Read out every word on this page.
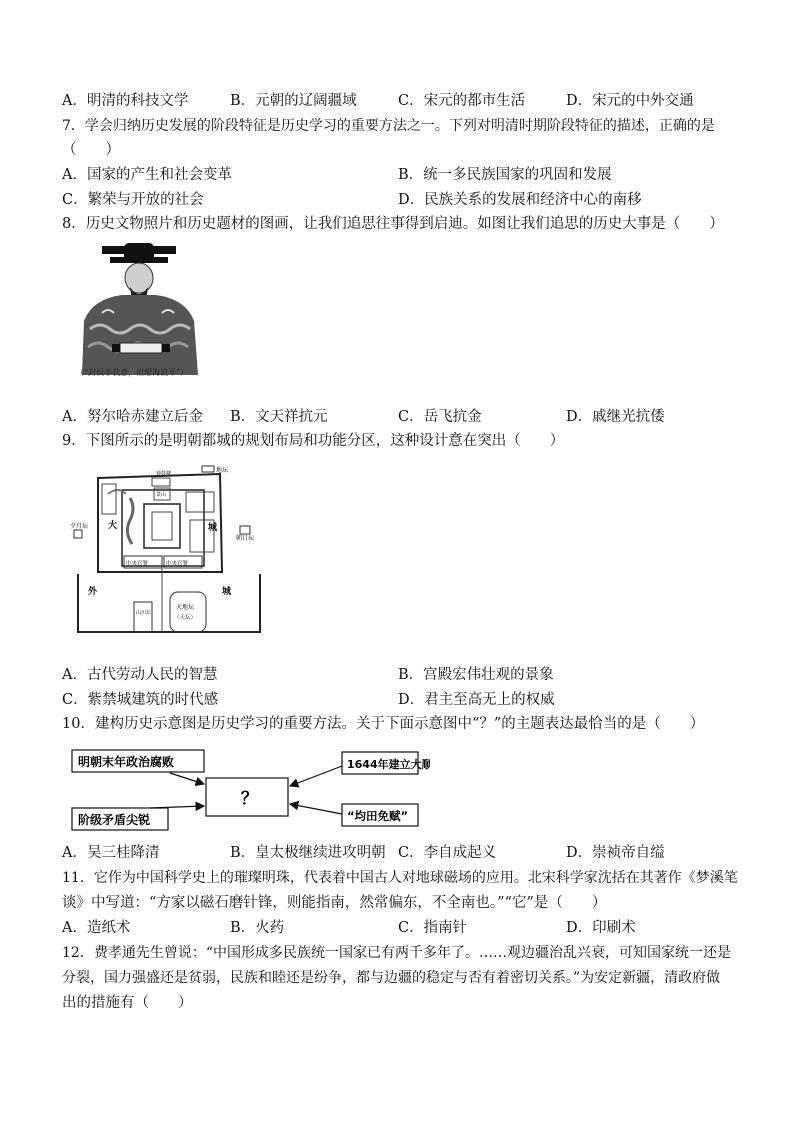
A．明清的科技文学	B．元朝的辽阔疆域	C．宋元的都市生活	D．宋元的中外交通
7．学会归纳历史发展的阶段特征是历史学习的重要方法之一。下列对明清时期阶段特征的描述，正确的是
（　　）
A．国家的产生和社会变革	B．统一多民族国家的巩固和发展
C．繁荣与开放的社会	D．民族关系的发展和经济中心的南移
8．历史文物照片和历史题材的图画，让我们追思往事得到启迪。如图让我们追思的历史大事是（　　）
（“封侯非我意，但愿海波平”）
A．努尔哈赤建立后金 B．文天祥抗元	C．岳飞抗金	D．戚继光抗倭
9．下图所示的是明朝都城的规划布局和功能分区，这种设计意在突出（　　）
地坛
夕月坛
朝日坛
大	城
钟鼓楼
景山
中央官署	中央官署
外	城
山川坛
天地坛
（天坛）
A．古代劳动人民的智慧	B．宫殿宏伟壮观的景象
C．紫禁城建筑的时代感	D．君主至高无上的权威
10．建构历史示意图是历史学习的重要方法。关于下面示意图中“？”的主题表达最恰当的是（　　）
明朝末年政治腐败
阶级矛盾尖锐
？
1644年建立大顺
“均田免赋”
A．吴三桂降清	B．皇太极继续进攻明朝 C．李自成起义	D．崇祯帝自缢
11．它作为中国科学史上的璀璨明珠，代表着中国古人对地球磁场的应用。北宋科学家沈括在其著作《梦溪笔
谈》中写道：“方家以磁石磨针锋，则能指南，然常偏东，不全南也。”“它”是（　　）
A．造纸术	B．火药	C．指南针	D．印刷术
12．费孝通先生曾说：“中国形成多民族统一国家已有两千多年了。……观边疆治乱兴衰，可知国家统一还是
分裂，国力强盛还是贫弱，民族和睦还是纷争，都与边疆的稳定与否有着密切关系。”为安定新疆，清政府做
出的措施有（　　）
